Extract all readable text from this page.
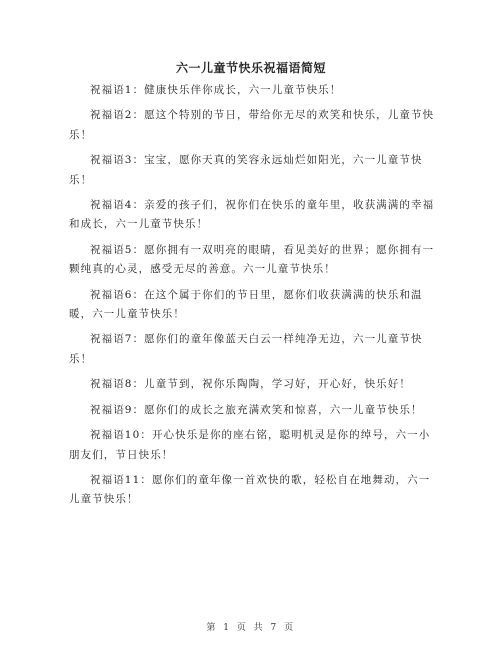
六一儿童节快乐祝福语简短

祝福语1：健康快乐伴你成长，六一儿童节快乐！

祝福语2：愿这个特别的节日，带给你无尽的欢笑和快乐，儿童节快乐！

祝福语3：宝宝，愿你天真的笑容永远灿烂如阳光，六一儿童节快乐！

祝福语4：亲爱的孩子们，祝你们在快乐的童年里，收获满满的幸福和成长，六一儿童节快乐！

祝福语5：愿你拥有一双明亮的眼睛，看见美好的世界；愿你拥有一颗纯真的心灵，感受无尽的善意。六一儿童节快乐！

祝福语6：在这个属于你们的节日里，愿你们收获满满的快乐和温暖，六一儿童节快乐！

祝福语7：愿你们的童年像蓝天白云一样纯净无边，六一儿童节快乐！

祝福语8：儿童节到，祝你乐陶陶，学习好，开心好，快乐好！

祝福语9：愿你们的成长之旅充满欢笑和惊喜，六一儿童节快乐！

祝福语10：开心快乐是你的座右铭，聪明机灵是你的绰号，六一小朋友们，节日快乐！

祝福语11：愿你们的童年像一首欢快的歌，轻松自在地舞动，六一儿童节快乐！

第 1 页 共 7 页
